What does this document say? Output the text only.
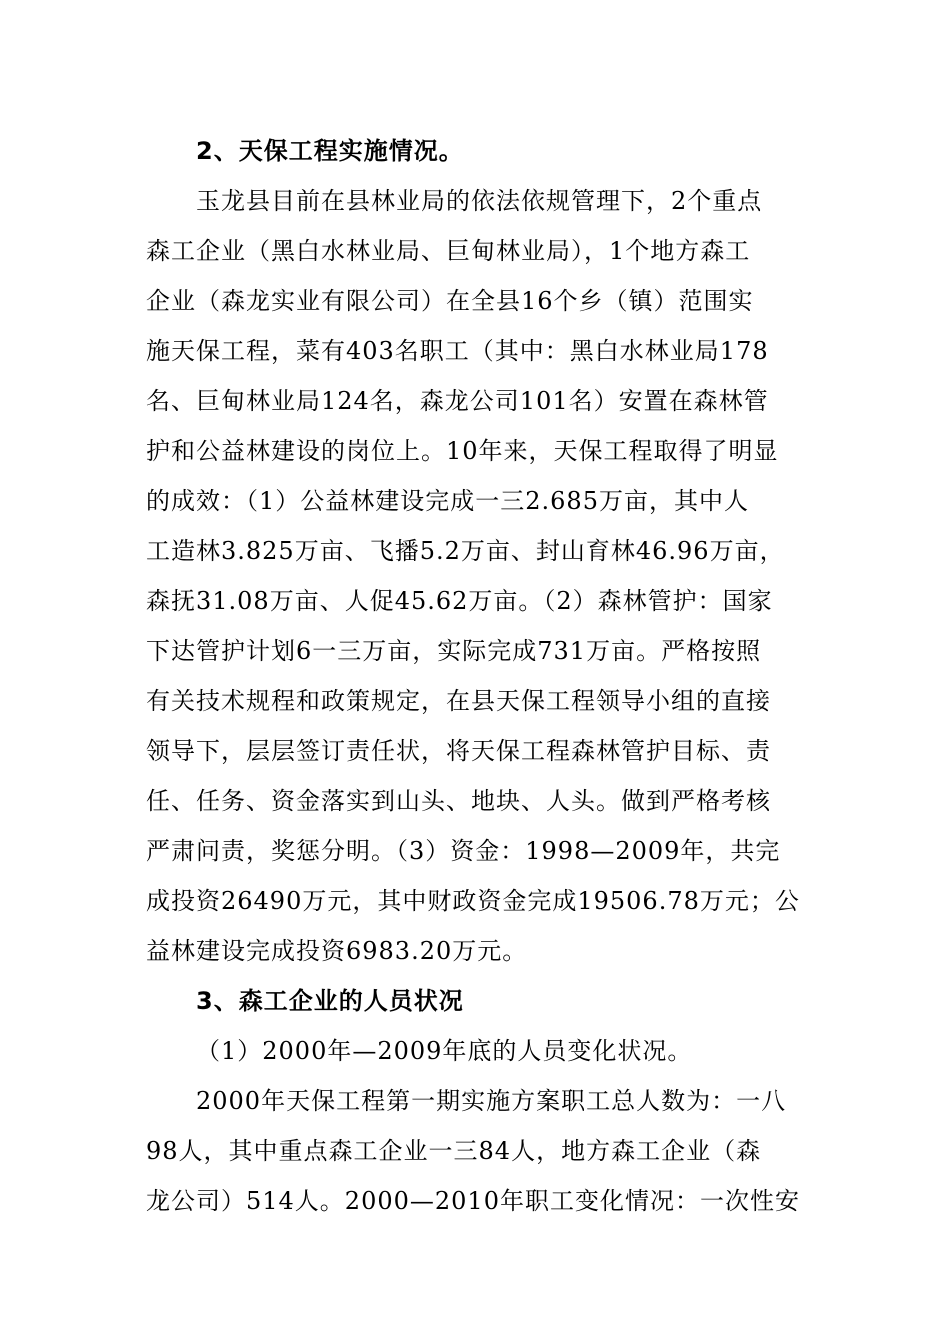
2、天保工程实施情况。
玉龙县目前在县林业局的依法依规管理下，2个重点
森工企业（黑白水林业局、巨甸林业局），1个地方森工
企业（森龙实业有限公司）在全县16个乡（镇）范围实
施天保工程，菜有403名职工（其中：黑白水林业局178
名、巨甸林业局124名，森龙公司101名）安置在森林管
护和公益林建设的岗位上。10年来，天保工程取得了明显
的成效：（1）公益林建设完成一三2.685万亩，其中人
工造林3.825万亩、飞播5.2万亩、封山育林46.96万亩，
森抚31.08万亩、人促45.62万亩。（2）森林管护：国家
下达管护计划6一三万亩，实际完成731万亩。严格按照
有关技术规程和政策规定，在县天保工程领导小组的直接
领导下，层层签订责任状，将天保工程森林管护目标、责
任、任务、资金落实到山头、地块、人头。做到严格考核
严肃问责，奖惩分明。（3）资金：1998—2009年，共完
成投资26490万元，其中财政资金完成19506.78万元；公
益林建设完成投资6983.20万元。
3、森工企业的人员状况
（1）2000年—2009年底的人员变化状况。
2000年天保工程第一期实施方案职工总人数为：一八
98人，其中重点森工企业一三84人，地方森工企业（森
龙公司）514人。2000—2010年职工变化情况：一次性安
